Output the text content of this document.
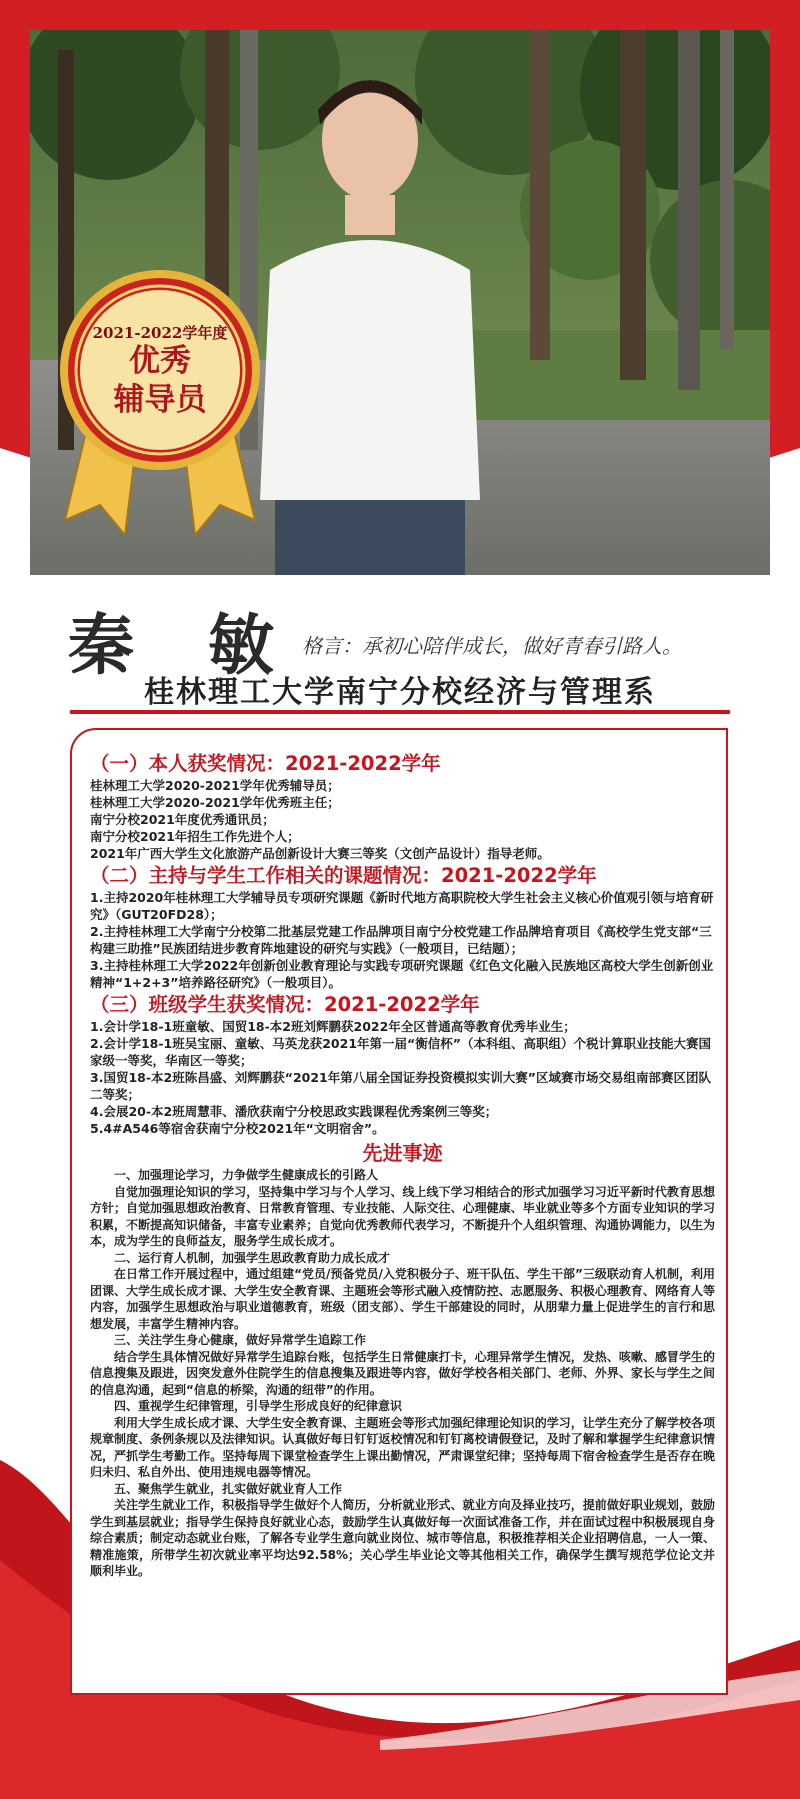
2021-2022学年度
优秀
辅导员
秦敏
格言：承初心陪伴成长，做好青春引路人。
桂林理工大学南宁分校经济与管理系

（一）本人获奖情况：2021-2022学年

桂林理工大学2020-2021学年优秀辅导员；

桂林理工大学2020-2021学年优秀班主任；

南宁分校2021年度优秀通讯员；

南宁分校2021年招生工作先进个人；

2021年广西大学生文化旅游产品创新设计大赛三等奖（文创产品设计）指导老师。

（二）主持与学生工作相关的课题情况：2021-2022学年

1.主持2020年桂林理工大学辅导员专项研究课题《新时代地方高职院校大学生社会主义核心价值观引领与培育研究》（GUT20FD28）；

2.主持桂林理工大学南宁分校第二批基层党建工作品牌项目南宁分校党建工作品牌培育项目《高校学生党支部“三构建三助推”民族团结进步教育阵地建设的研究与实践》（一般项目，已结题）；

3.主持桂林理工大学2022年创新创业教育理论与实践专项研究课题《红色文化融入民族地区高校大学生创新创业精神“1+2+3”培养路径研究》（一般项目）。

（三）班级学生获奖情况：2021-2022学年

1.会计学18-1班童敏、国贸18-本2班刘辉鹏获2022年全区普通高等教育优秀毕业生；

2.会计学18-1班吴宝丽、童敏、马英龙获2021年第一届“衡信杯”（本科组、高职组）个税计算职业技能大赛国家级一等奖，华南区一等奖；

3.国贸18-本2班陈昌盛、刘辉鹏获“2021年第八届全国证券投资模拟实训大赛”区域赛市场交易组南部赛区团队二等奖；

4.会展20-本2班周慧菲、潘欣获南宁分校思政实践课程优秀案例三等奖；

5.4#A546等宿舍获南宁分校2021年“文明宿舍”。

先进事迹

一、加强理论学习，力争做学生健康成长的引路人

自觉加强理论知识的学习，坚持集中学习与个人学习、线上线下学习相结合的形式加强学习习近平新时代教育思想方针；自觉加强思想政治教育、日常教育管理、专业技能、人际交往、心理健康、毕业就业等多个方面专业知识的学习积累，不断提高知识储备，丰富专业素养；自觉向优秀教师代表学习，不断提升个人组织管理、沟通协调能力，以生为本，成为学生的良师益友，服务学生成长成才。

二、运行育人机制，加强学生思政教育助力成长成才

在日常工作开展过程中，通过组建“党员/预备党员/入党积极分子、班干队伍、学生干部”三级联动育人机制，利用团课、大学生成长成才课、大学生安全教育课、主题班会等形式融入疫情防控、志愿服务、积极心理教育、网络育人等内容，加强学生思想政治与职业道德教育，班级（团支部）、学生干部建设的同时，从朋辈力量上促进学生的言行和思想发展，丰富学生精神内容。

三、关注学生身心健康，做好异常学生追踪工作

结合学生具体情况做好异常学生追踪台账，包括学生日常健康打卡，心理异常学生情况，发热、咳嗽、感冒学生的信息搜集及跟进，因突发意外住院学生的信息搜集及跟进等内容，做好学校各相关部门、老师、外界、家长与学生之间的信息沟通，起到“信息的桥梁，沟通的纽带”的作用。

四、重视学生纪律管理，引导学生形成良好的纪律意识

利用大学生成长成才课、大学生安全教育课、主题班会等形式加强纪律理论知识的学习，让学生充分了解学校各项规章制度、条例条规以及法律知识。认真做好每日钉钉返校情况和钉钉离校请假登记，及时了解和掌握学生纪律意识情况，严抓学生考勤工作。坚持每周下课堂检查学生上课出勤情况，严肃课堂纪律；坚持每周下宿舍检查学生是否存在晚归未归、私自外出、使用违规电器等情况。

五、聚焦学生就业，扎实做好就业育人工作

关注学生就业工作，积极指导学生做好个人简历，分析就业形式、就业方向及择业技巧，提前做好职业规划，鼓励学生到基层就业；指导学生保持良好就业心态，鼓励学生认真做好每一次面试准备工作，并在面试过程中积极展现自身综合素质；制定动态就业台账，了解各专业学生意向就业岗位、城市等信息，积极推荐相关企业招聘信息，一人一策、精准施策，所带学生初次就业率平均达92.58%；关心学生毕业论文等其他相关工作，确保学生撰写规范学位论文并顺利毕业。
